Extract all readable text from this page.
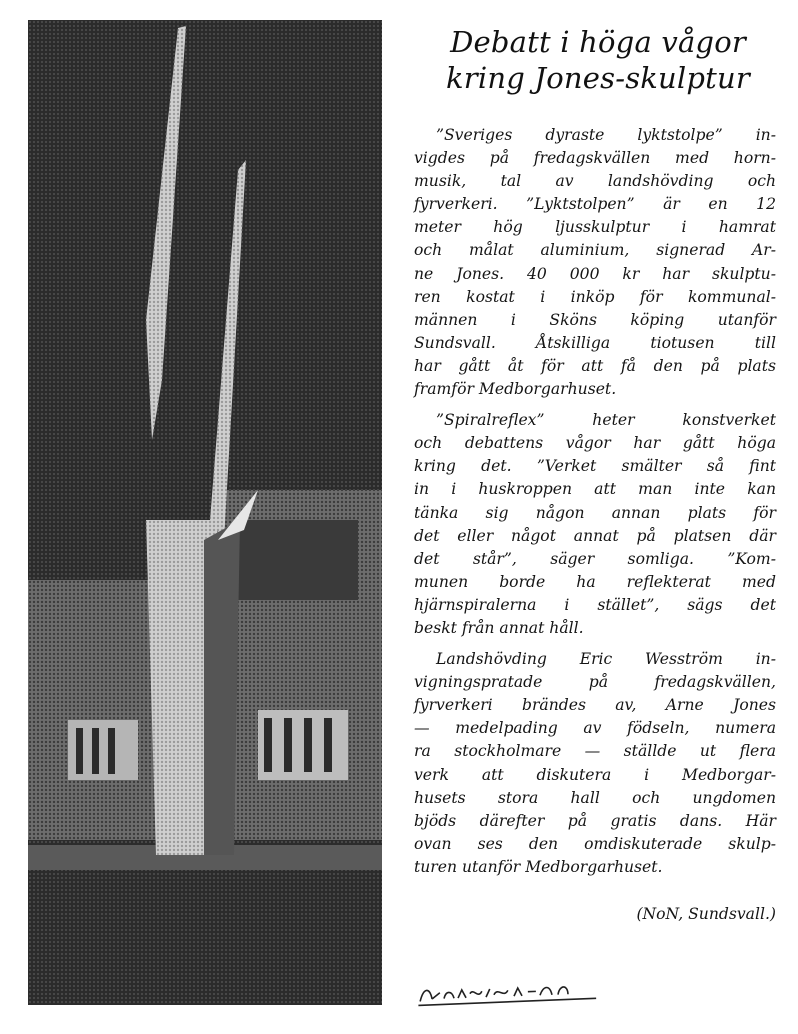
Debatt i höga vågor
kring Jones-skulptur

”Sveriges dyraste lyktstolpe” in-
vigdes på fredagskvällen med horn-
musik, tal av landshövding och
fyrverkeri. ”Lyktstolpen” är en 12
meter hög ljusskulptur i hamrat
och målat aluminium, signerad Ar-
ne Jones. 40 000 kr har skulptu-
ren kostat i inköp för kommunal-
männen i Sköns köping utanför
Sundsvall. Åtskilliga tiotusen till
har gått åt för att få den på plats
framför Medborgarhuset.

”Spiralreflex” heter konstverket
och debattens vågor har gått höga
kring det. ”Verket smälter så fint
in i huskroppen att man inte kan
tänka sig någon annan plats för
det eller något annat på platsen där
det står”, säger somliga. ”Kom-
munen borde ha reflekterat med
hjärnspiralerna i stället”, sägs det
beskt från annat håll.

Landshövding Eric Wesström in-
vigningspratade på fredagskvällen,
fyrverkeri brändes av, Arne Jones
— medelpading av födseln, numera
ra stockholmare — ställde ut flera
verk att diskutera i Medborgar-
husets stora hall och ungdomen
bjöds därefter på gratis dans. Här
ovan ses den omdiskuterade skulp-
turen utanför Medborgarhuset.

(NoN, Sundsvall.)
